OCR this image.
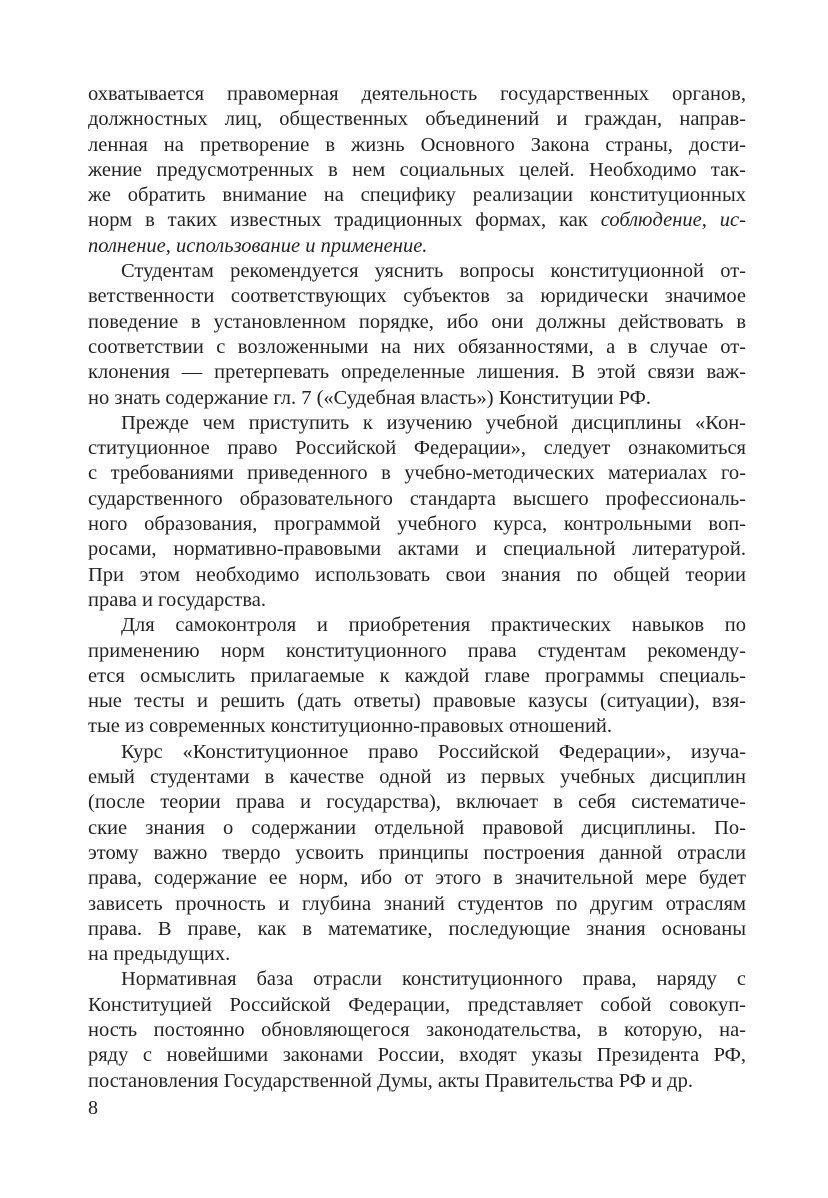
охватывается правомерная деятельность государственных органов,
должностных лиц, общественных объединений и граждан, направ-
ленная на претворение в жизнь Основного Закона страны, дости-
жение предусмотренных в нем социальных целей. Необходимо так-
же обратить внимание на специфику реализации конституционных
норм в таких известных традиционных формах, как соблюдение, ис-
полнение, использование и применение.
Студентам рекомендуется уяснить вопросы конституционной от-
ветственности соответствующих субъектов за юридически значимое
поведение в установленном порядке, ибо они должны действовать в
соответствии с возложенными на них обязанностями, а в случае от-
клонения — претерпевать определенные лишения. В этой связи важ-
но знать содержание гл. 7 («Судебная власть») Конституции РФ.
Прежде чем приступить к изучению учебной дисциплины «Кон-
ституционное право Российской Федерации», следует ознакомиться
с требованиями приведенного в учебно-методических материалах го-
сударственного образовательного стандарта высшего профессиональ-
ного образования, программой учебного курса, контрольными воп-
росами, нормативно-правовыми актами и специальной литературой.
При этом необходимо использовать свои знания по общей теории
права и государства.
Для самоконтроля и приобретения практических навыков по
применению норм конституционного права студентам рекоменду-
ется осмыслить прилагаемые к каждой главе программы специаль-
ные тесты и решить (дать ответы) правовые казусы (ситуации), взя-
тые из современных конституционно-правовых отношений.
Курс «Конституционное право Российской Федерации», изуча-
емый студентами в качестве одной из первых учебных дисциплин
(после теории права и государства), включает в себя систематиче-
ские знания о содержании отдельной правовой дисциплины. По-
этому важно твердо усвоить принципы построения данной отрасли
права, содержание ее норм, ибо от этого в значительной мере будет
зависеть прочность и глубина знаний студентов по другим отраслям
права. В праве, как в математике, последующие знания основаны
на предыдущих.
Нормативная база отрасли конституционного права, наряду с
Конституцией Российской Федерации, представляет собой совокуп-
ность постоянно обновляющегося законодательства, в которую, на-
ряду с новейшими законами России, входят указы Президента РФ,
постановления Государственной Думы, акты Правительства РФ и др.
8
